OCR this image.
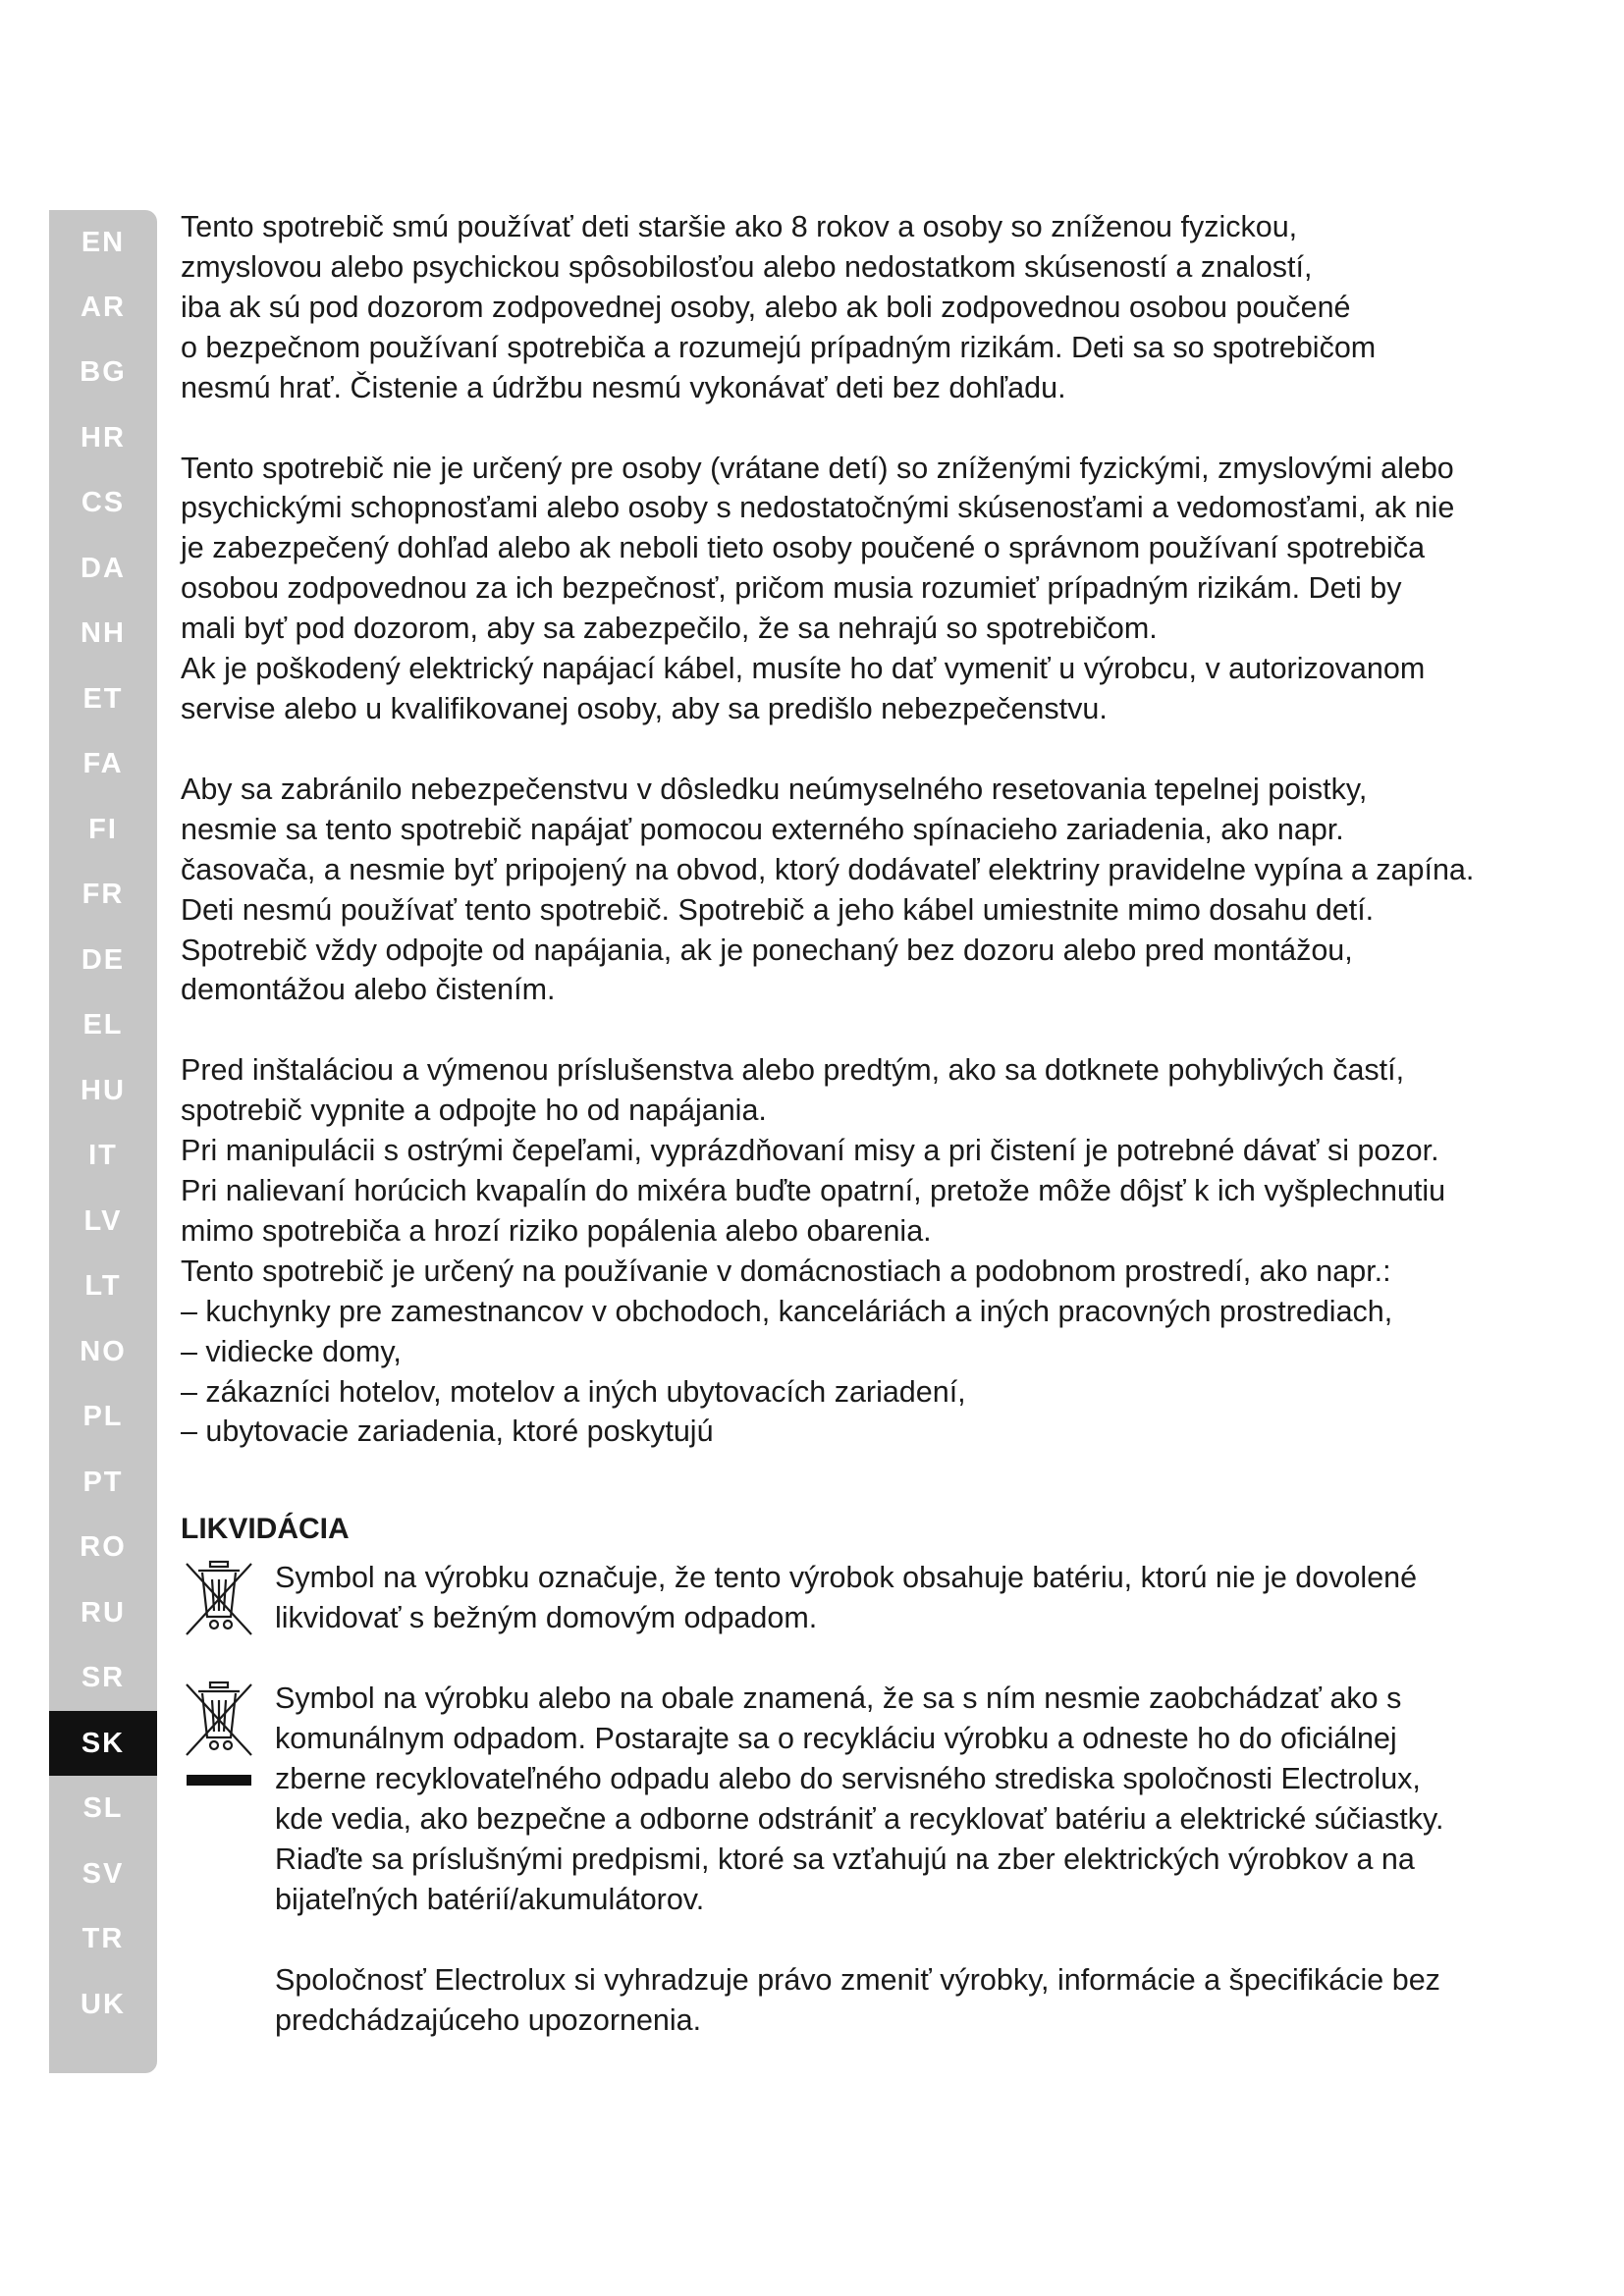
EN
AR
BG
HR
CS
DA
NH
ET
FA
FI
FR
DE
EL
HU
IT
LV
LT
NO
PL
PT
RO
RU
SR
SK
SL
SV
TR
UK

Tento spotrebič smú používať deti staršie ako 8 rokov a osoby so zníženou fyzickou,
zmyslovou alebo psychickou spôsobilosťou alebo nedostatkom skúseností a znalostí,
iba ak sú pod dozorom zodpovednej osoby, alebo ak boli zodpovednou osobou poučené
o bezpečnom používaní spotrebiča a rozumejú prípadným rizikám. Deti sa so spotrebičom
nesmú hrať. Čistenie a údržbu nesmú vykonávať deti bez dohľadu.

Tento spotrebič nie je určený pre osoby (vrátane detí) so zníženými fyzickými, zmyslovými alebo
psychickými schopnosťami alebo osoby s nedostatočnými skúsenosťami a vedomosťami, ak nie
je zabezpečený dohľad alebo ak neboli tieto osoby poučené o správnom používaní spotrebiča
osobou zodpovednou za ich bezpečnosť, pričom musia rozumieť prípadným rizikám. Deti by
mali byť pod dozorom, aby sa zabezpečilo, že sa nehrajú so spotrebičom.
Ak je poškodený elektrický napájací kábel, musíte ho dať vymeniť u výrobcu, v autorizovanom
servise alebo u kvalifikovanej osoby, aby sa predišlo nebezpečenstvu.

Aby sa zabránilo nebezpečenstvu v dôsledku neúmyselného resetovania tepelnej poistky,
nesmie sa tento spotrebič napájať pomocou externého spínacieho zariadenia, ako napr.
časovača, a nesmie byť pripojený na obvod, ktorý dodávateľ elektriny pravidelne vypína a zapína.
Deti nesmú používať tento spotrebič. Spotrebič a jeho kábel umiestnite mimo dosahu detí.
Spotrebič vždy odpojte od napájania, ak je ponechaný bez dozoru alebo pred montážou,
demontážou alebo čistením.

Pred inštaláciou a výmenou príslušenstva alebo predtým, ako sa dotknete pohyblivých častí,
spotrebič vypnite a odpojte ho od napájania.
Pri manipulácii s ostrými čepeľami, vyprázdňovaní misy a pri čistení je potrebné dávať si pozor.
Pri nalievaní horúcich kvapalín do mixéra buďte opatrní, pretože môže dôjsť k ich vyšplechnutiu
mimo spotrebiča a hrozí riziko popálenia alebo obarenia.
Tento spotrebič je určený na používanie v domácnostiach a podobnom prostredí, ako napr.:
– kuchynky pre zamestnancov v obchodoch, kanceláriách a iných pracovných prostrediach,
– vidiecke domy,
– zákazníci hotelov, motelov a iných ubytovacích zariadení,
– ubytovacie zariadenia, ktoré poskytujú

LIKVIDÁCIA

Symbol na výrobku označuje, že tento výrobok obsahuje batériu, ktorú nie je dovolené
likvidovať s bežným domovým odpadom.

Symbol na výrobku alebo na obale znamená, že sa s ním nesmie zaobchádzať ako s
komunálnym odpadom. Postarajte sa o recykláciu výrobku a odneste ho do oficiálnej
zberne recyklovateľného odpadu alebo do servisného strediska spoločnosti Electrolux,
kde vedia, ako bezpečne a odborne odstrániť a recyklovať batériu a elektrické súčiastky.
Riaďte sa príslušnými predpismi, ktoré sa vzťahujú na zber elektrických výrobkov a na
bijateľných batérií/akumulátorov.

Spoločnosť Electrolux si vyhradzuje právo zmeniť výrobky, informácie a špecifikácie bez
predchádzajúceho upozornenia.
